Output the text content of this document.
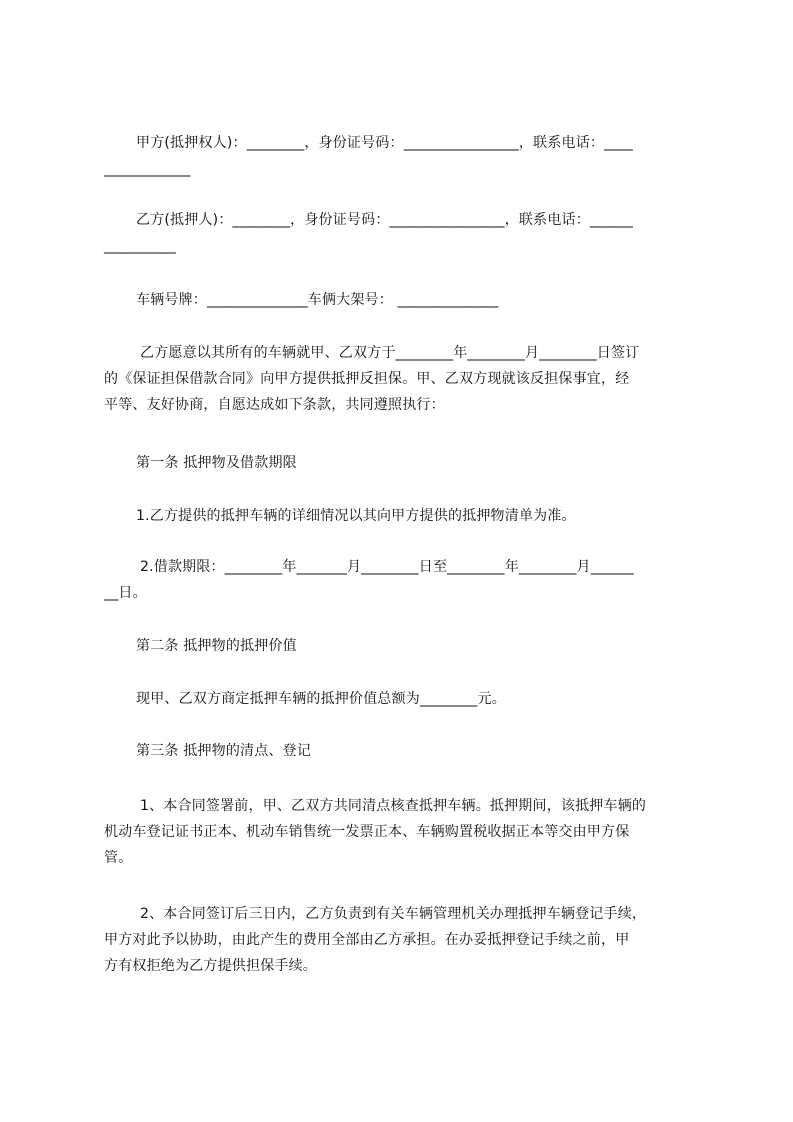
甲方(抵押权人)：________，身份证号码：________________，联系电话：____
____________
乙方(抵押人)：________，身份证号码：________________，联系电话：______
__________
车辆号牌：______________车俩大架号： ______________
乙方愿意以其所有的车辆就甲、乙双方于________年________月________日签订
的《保证担保借款合同》向甲方提供抵押反担保。甲、乙双方现就该反担保事宜，经
平等、友好协商，自愿达成如下条款，共同遵照执行：
第一条 抵押物及借款期限
1.乙方提供的抵押车辆的详细情况以其向甲方提供的抵押物清单为准。
2.借款期限：________年_______月________日至________年________月______
__日。
第二条 抵押物的抵押价值
现甲、乙双方商定抵押车辆的抵押价值总额为________元。
第三条 抵押物的清点、登记
1、本合同签署前，甲、乙双方共同清点核查抵押车辆。抵押期间，该抵押车辆的
机动车登记证书正本、机动车销售统一发票正本、车辆购置税收据正本等交由甲方保
管。
2、本合同签订后三日内，乙方负责到有关车辆管理机关办理抵押车辆登记手续，
甲方对此予以协助，由此产生的费用全部由乙方承担。在办妥抵押登记手续之前，甲
方有权拒绝为乙方提供担保手续。
